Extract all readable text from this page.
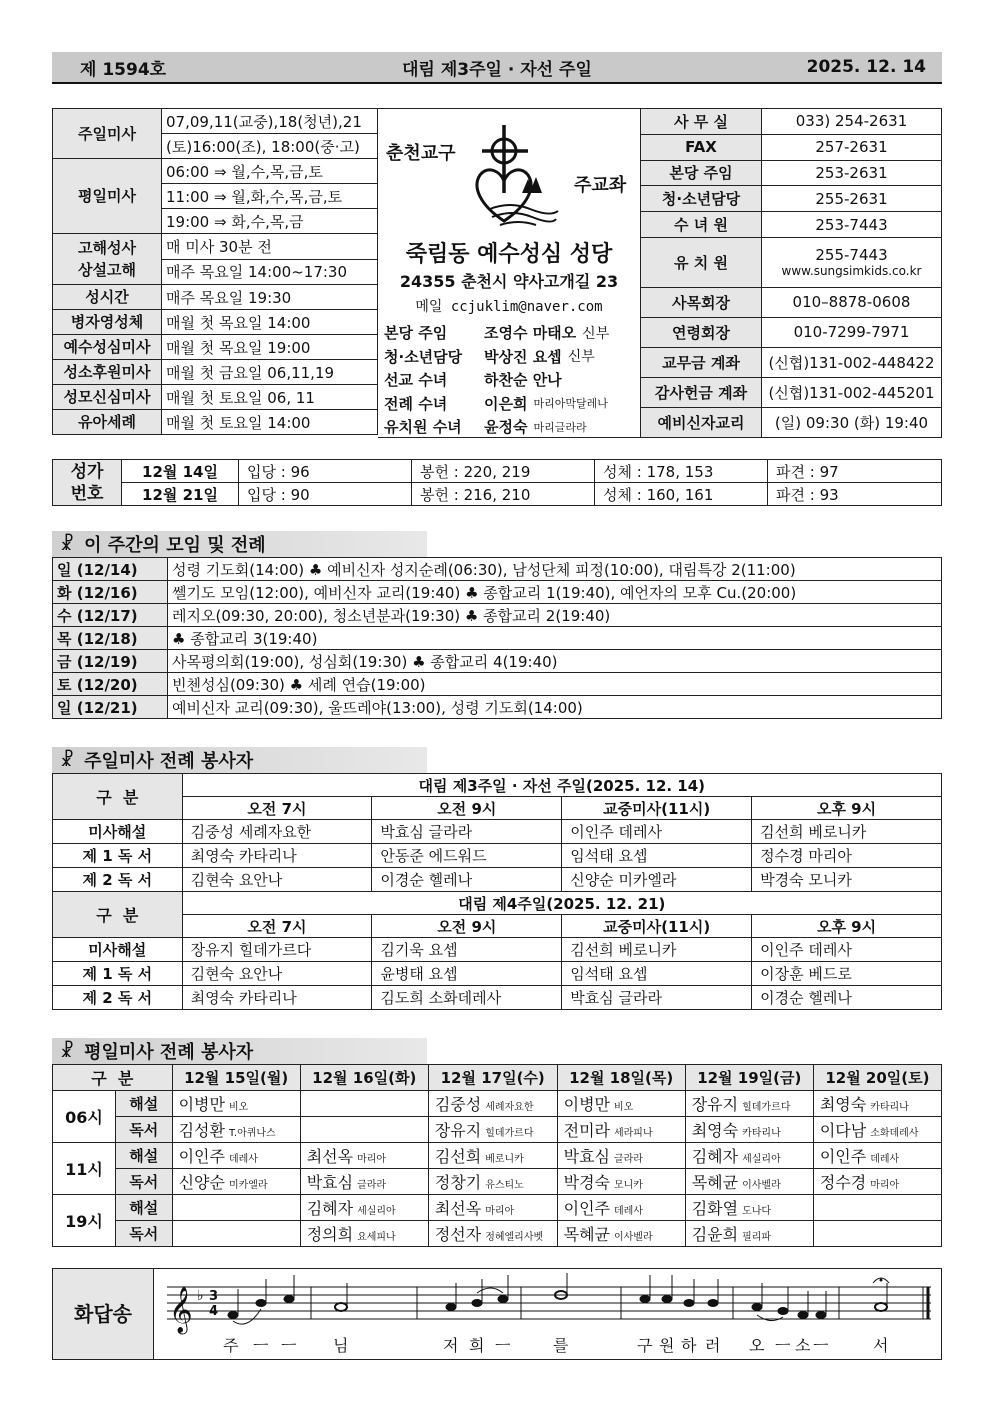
제 1594호	대림 제3주일 · 자선 주일	2025. 12. 14
주일미사	07,09,11(교중),18(청년),21
	(토)16:00(조), 18:00(중·고)
평일미사	06:00 ⇒ 월,수,목,금,토
	11:00 ⇒ 월,화,수,목,금,토
	19:00 ⇒ 화,수,목,금
고해성사
상설고해	매 미사 30분 전
	매주 목요일 14:00~17:30
성시간	매주 목요일 19:30
병자영성체	매월 첫 목요일 14:00
예수성심미사	매월 첫 목요일 19:00
성소후원미사	매월 첫 금요일 06,11,19
성모신심미사	매월 첫 토요일 06, 11
유아세례	매월 첫 토요일 14:00
춘천교구
주교좌
죽림동 예수성심 성당
24355 춘천시 약사고개길 23
메일 ccjuklim@naver.com
본당 주임	조영수 마태오 신부
청·소년담당	박상진 요셉 신부
선교 수녀	하찬순 안나
전례 수녀	이은희 마리아막달레나
유치원 수녀	윤정숙 마리글라라
사 무 실	033) 254-2631

FAX	257-2631

본당 주임	253-2631

청·소년담당	255-2631

수 녀 원	253-7443

유 치 원	255-7443
www.sungsimkids.co.kr

사목회장	010–8878-0608

연령회장	010-7299-7971

교무금 계좌	(신협)131-002-448422

감사헌금 계좌	(신협)131-002-445201

예비신자교리	(일) 09:30 (화) 19:40
성가
번호	12월 14일	입당 : 96	봉헌 : 220, 219	성체 : 178, 153	파견 : 97
	12월 21일	입당 : 90	봉헌 : 216, 210	성체 : 160, 161	파견 : 93
☧ 이 주간의 모임 및 전례
일 (12/14)	성령 기도회(14:00) ♣ 예비신자 성지순례(06:30), 남성단체 피정(10:00), 대림특강 2(11:00)
화 (12/16)	쎌기도 모임(12:00), 예비신자 교리(19:40) ♣ 종합교리 1(19:40), 예언자의 모후 Cu.(20:00)
수 (12/17)	레지오(09:30, 20:00), 청소년분과(19:30) ♣ 종합교리 2(19:40)
목 (12/18)	♣ 종합교리 3(19:40)
금 (12/19)	사목평의회(19:00), 성심회(19:30) ♣ 종합교리 4(19:40)
토 (12/20)	빈첸성심(09:30) ♣ 세례 연습(19:00)
일 (12/21)	예비신자 교리(09:30), 울뜨레야(13:00), 성령 기도회(14:00)
☧ 주일미사 전례 봉사자
구  분	대림 제3주일 · 자선 주일(2025. 12. 14)			
	오전 7시	오전 9시	교중미사(11시)	오후 9시
미사해설	김중성 세례자요한	박효심 글라라	이인주 데레사	김선희 베로니카
제 1 독 서	최영숙 카타리나	안동준 에드워드	임석태 요셉	정수경 마리아
제 2 독 서	김현숙 요안나	이경순 헬레나	신양순 미카엘라	박경숙 모니카
구  분	대림 제4주일(2025. 12. 21)			
	오전 7시	오전 9시	교중미사(11시)	오후 9시
미사해설	장유지 힐데가르다	김기욱 요셉	김선희 베로니카	이인주 데레사
제 1 독 서	김현숙 요안나	윤병태 요셉	임석태 요셉	이장훈 베드로
제 2 독 서	최영숙 카타리나	김도희 소화데레사	박효심 글라라	이경순 헬레나
☧ 평일미사 전례 봉사자
구  분		12월 15일(월)	12월 16일(화)	12월 17일(수)	12월 18일(목)	12월 19일(금)	12월 20일(토)
06시	해설	이병만 비오		김중성 세례자요한	이병만 비오	장유지 힐데가르다	최영숙 카타리나
	독서	김성환 T.아퀴나스		장유지 힐데가르다	전미라 세라피나	최영숙 카타리나	이다남 소화데레사
11시	해설	이인주 데레사	최선옥 마리아	김선희 베로니카	박효심 글라라	김혜자 세실리아	이인주 데레사
	독서	신양순 미카엘라	박효심 글라라	정창기 유스티노	박경숙 모니카	목혜균 이사벨라	정수경 마리아
19시	해설		김혜자 세실리아	최선옥 마리아	이인주 데레사	김화열 도나다	
	독서		정의희 요세피나	정선자 정혜엘리사벳	목혜균 이사벨라	김윤희 필리파	
화답송 𝄞 ♭ 3
4
주 ㅡ ㅡ 님	저 희 ㅡ	를	구 원 하 러 오 ㅡ 소 ㅡ	서
